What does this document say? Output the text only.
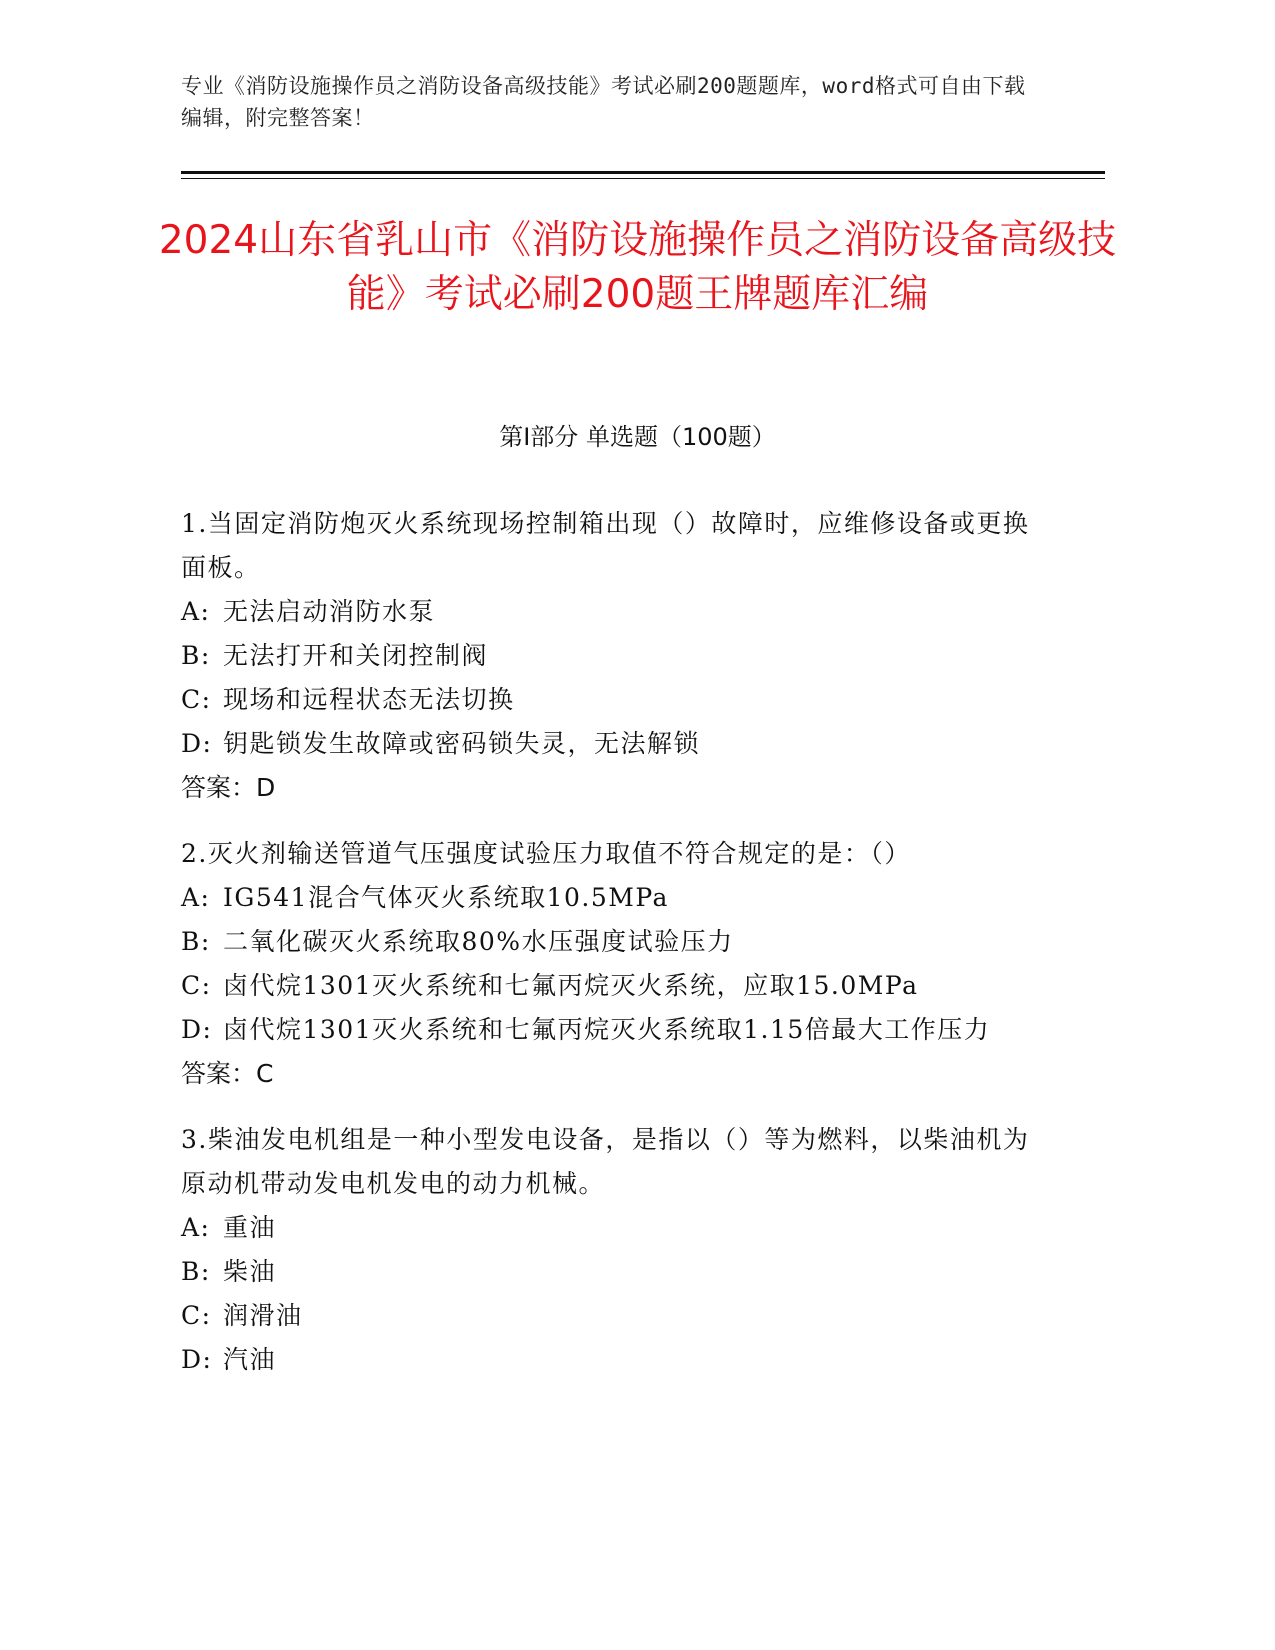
专业《消防设施操作员之消防设备高级技能》考试必刷200题题库，word格式可自由下载编辑，附完整答案！
2024山东省乳山市《消防设施操作员之消防设备高级技能》考试必刷200题王牌题库汇编
第I部分 单选题（100题）
1.当固定消防炮灭火系统现场控制箱出现（）故障时，应维修设备或更换面板。
A: 无法启动消防水泵
B: 无法打开和关闭控制阀
C: 现场和远程状态无法切换
D: 钥匙锁发生故障或密码锁失灵，无法解锁
答案：D
2.灭火剂输送管道气压强度试验压力取值不符合规定的是：（）
A: IG541混合气体灭火系统取10.5MPa
B: 二氧化碳灭火系统取80%水压强度试验压力
C: 卤代烷1301灭火系统和七氟丙烷灭火系统，应取15.0MPa
D: 卤代烷1301灭火系统和七氟丙烷灭火系统取1.15倍最大工作压力
答案：C
3.柴油发电机组是一种小型发电设备，是指以（）等为燃料，以柴油机为原动机带动发电机发电的动力机械。
A: 重油
B: 柴油
C: 润滑油
D: 汽油
